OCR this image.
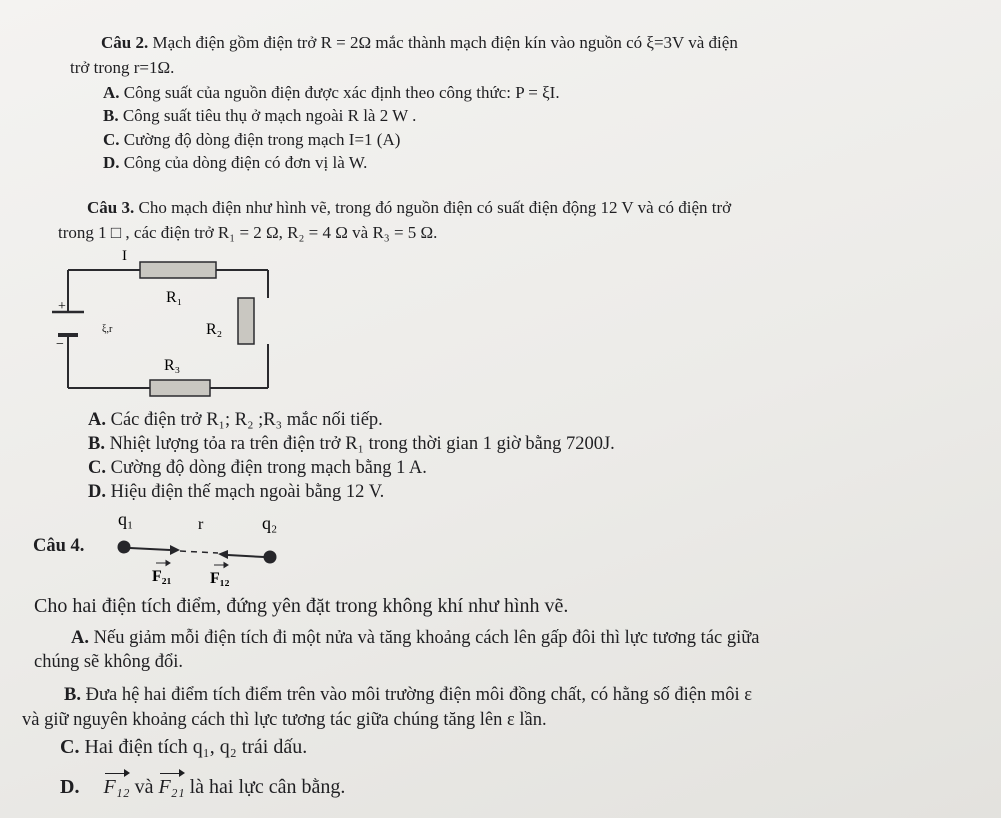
Câu 2. Mạch điện gồm điện trở R = 2Ω mắc thành mạch điện kín vào nguồn có ξ=3V và điện
trở trong r=1Ω.
A. Công suất của nguồn điện được xác định theo công thức: P = ξI.
B. Công suất tiêu thụ ở mạch ngoài R là 2 W .
C. Cường độ dòng điện trong mạch I=1 (A)
D. Công của dòng điện có đơn vị là W.
Câu 3. Cho mạch điện như hình vẽ, trong đó nguồn điện có suất điện động 12 V và có điện trở
trong 1 □ , các điện trở R₁ = 2 Ω, R₂ = 4 Ω và R₃ = 5 Ω.
+
−
ξ,r
I
R₁
R₂
R₃
A. Các điện trở R₁; R₂ ;R₃ mắc nối tiếp.
B. Nhiệt lượng tỏa ra trên điện trở R₁ trong thời gian 1 giờ bằng 7200J.
C. Cường độ dòng điện trong mạch bằng 1 A.
D. Hiệu điện thế mạch ngoài bằng 12 V.
Câu 4.
q₁	r	q₂
F₂₁ F₁₂
Cho hai điện tích điểm, đứng yên đặt trong không khí như hình vẽ.
A. Nếu giảm mỗi điện tích đi một nửa và tăng khoảng cách lên gấp đôi thì lực tương tác giữa
chúng sẽ không đổi.
B. Đưa hệ hai điểm tích điểm trên vào môi trường điện môi đồng chất, có hằng số điện môi ε
và giữ nguyên khoảng cách thì lực tương tác giữa chúng tăng lên ε lần.
C. Hai điện tích q₁, q₂ trái dấu.
D. F₁₂ và F₂₁ là hai lực cân bằng.
